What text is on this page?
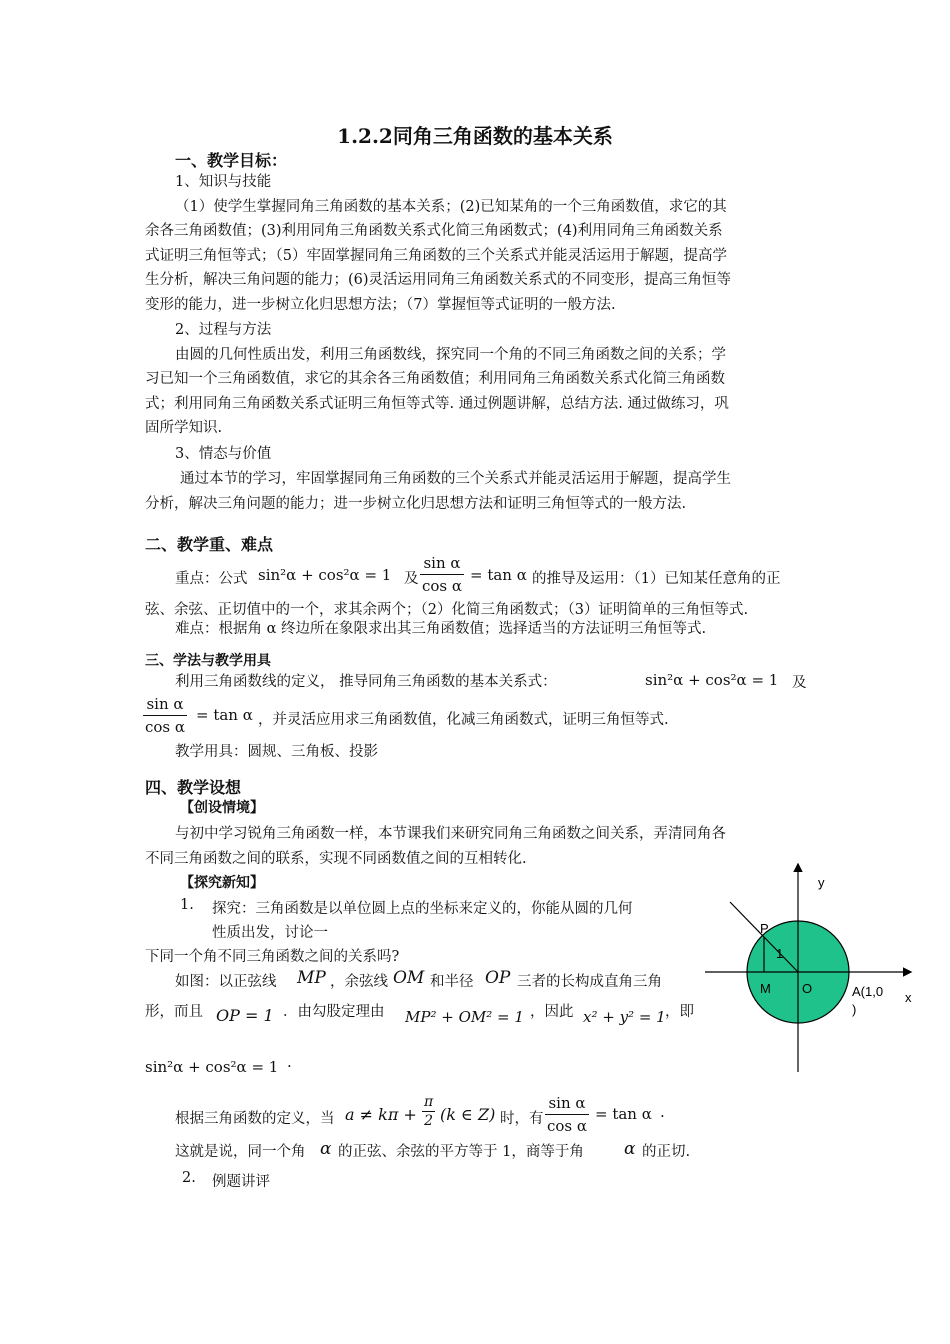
1.2.2同角三角函数的基本关系
一、教学目标：
1、知识与技能
（1）使学生掌握同角三角函数的基本关系；(2)已知某角的一个三角函数值，求它的其
余各三角函数值；(3)利用同角三角函数关系式化简三角函数式；(4)利用同角三角函数关系
式证明三角恒等式；（5）牢固掌握同角三角函数的三个关系式并能灵活运用于解题，提高学
生分析，解决三角问题的能力；(6)灵活运用同角三角函数关系式的不同变形，提高三角恒等
变形的能力，进一步树立化归思想方法；（7）掌握恒等式证明的一般方法.
2、过程与方法
由圆的几何性质出发，利用三角函数线，探究同一个角的不同三角函数之间的关系；学
习已知一个三角函数值，求它的其余各三角函数值；利用同角三角函数关系式化简三角函数
式；利用同角三角函数关系式证明三角恒等式等. 通过例题讲解，总结方法. 通过做练习，巩
固所学知识.
3、情态与价值
通过本节的学习，牢固掌握同角三角函数的三个关系式并能灵活运用于解题，提高学生
分析，解决三角问题的能力；进一步树立化归思想方法和证明三角恒等式的一般方法.
二、教学重、难点
重点：公式 sin²α + cos²α = 1 及 $\frac{\text{sin α}}{\text{cos α}} = \tan \alpha$ 的推导及运用：（1）已知某任意角的正
弦、余弦、正切值中的一个，求其余两个；（2）化简三角函数式；（3）证明简单的三角恒等式.
难点：根据角 α 终边所在象限求出其三角函数值；选择适当的方法证明三角恒等式.
三、学法与教学用具
利用三角函数线的定义， 推导同角三角函数的基本关系式：	sin²α + cos²α = 1 及
$\frac{\text{sin α}}{\text{cos α}} = \tan \alpha$ ，并灵活应用求三角函数值，化减三角函数式，证明三角恒等式.
教学用具：圆规、三角板、投影
四、教学设想
【创设情境】
与初中学习锐角三角函数一样，本节课我们来研究同角三角函数之间关系，弄清同角各
不同三角函数之间的联系，实现不同函数值之间的互相转化.
【探究新知】
1. 探究：三角函数是以单位圆上点的坐标来定义的，你能从圆的几何
性质出发，讨论一
下同一个角不同三角函数之间的关系吗?
如图：以正弦线 MP ，余弦线 OM 和半径 OP 三者的长构成直角三角
形，而且 OP = 1 ．由勾股定理由 MP² + OM² = 1 ，因此 x² + y² = 1 ，即
sin²α + cos²α = 1 .
根据三角函数的定义，当 $a \ne k\pi + \frac{\pi}{2} (k$ ∈ Z) 时，有 $\frac{\text{sin α}}{\text{cos α}} = \tan \alpha$ .
这就是说，同一个角 α 的正弦、余弦的平方等于 1，商等于角 α 的正切.
2. 例题讲评
P
1
M O	A(1,0
)
y
x
